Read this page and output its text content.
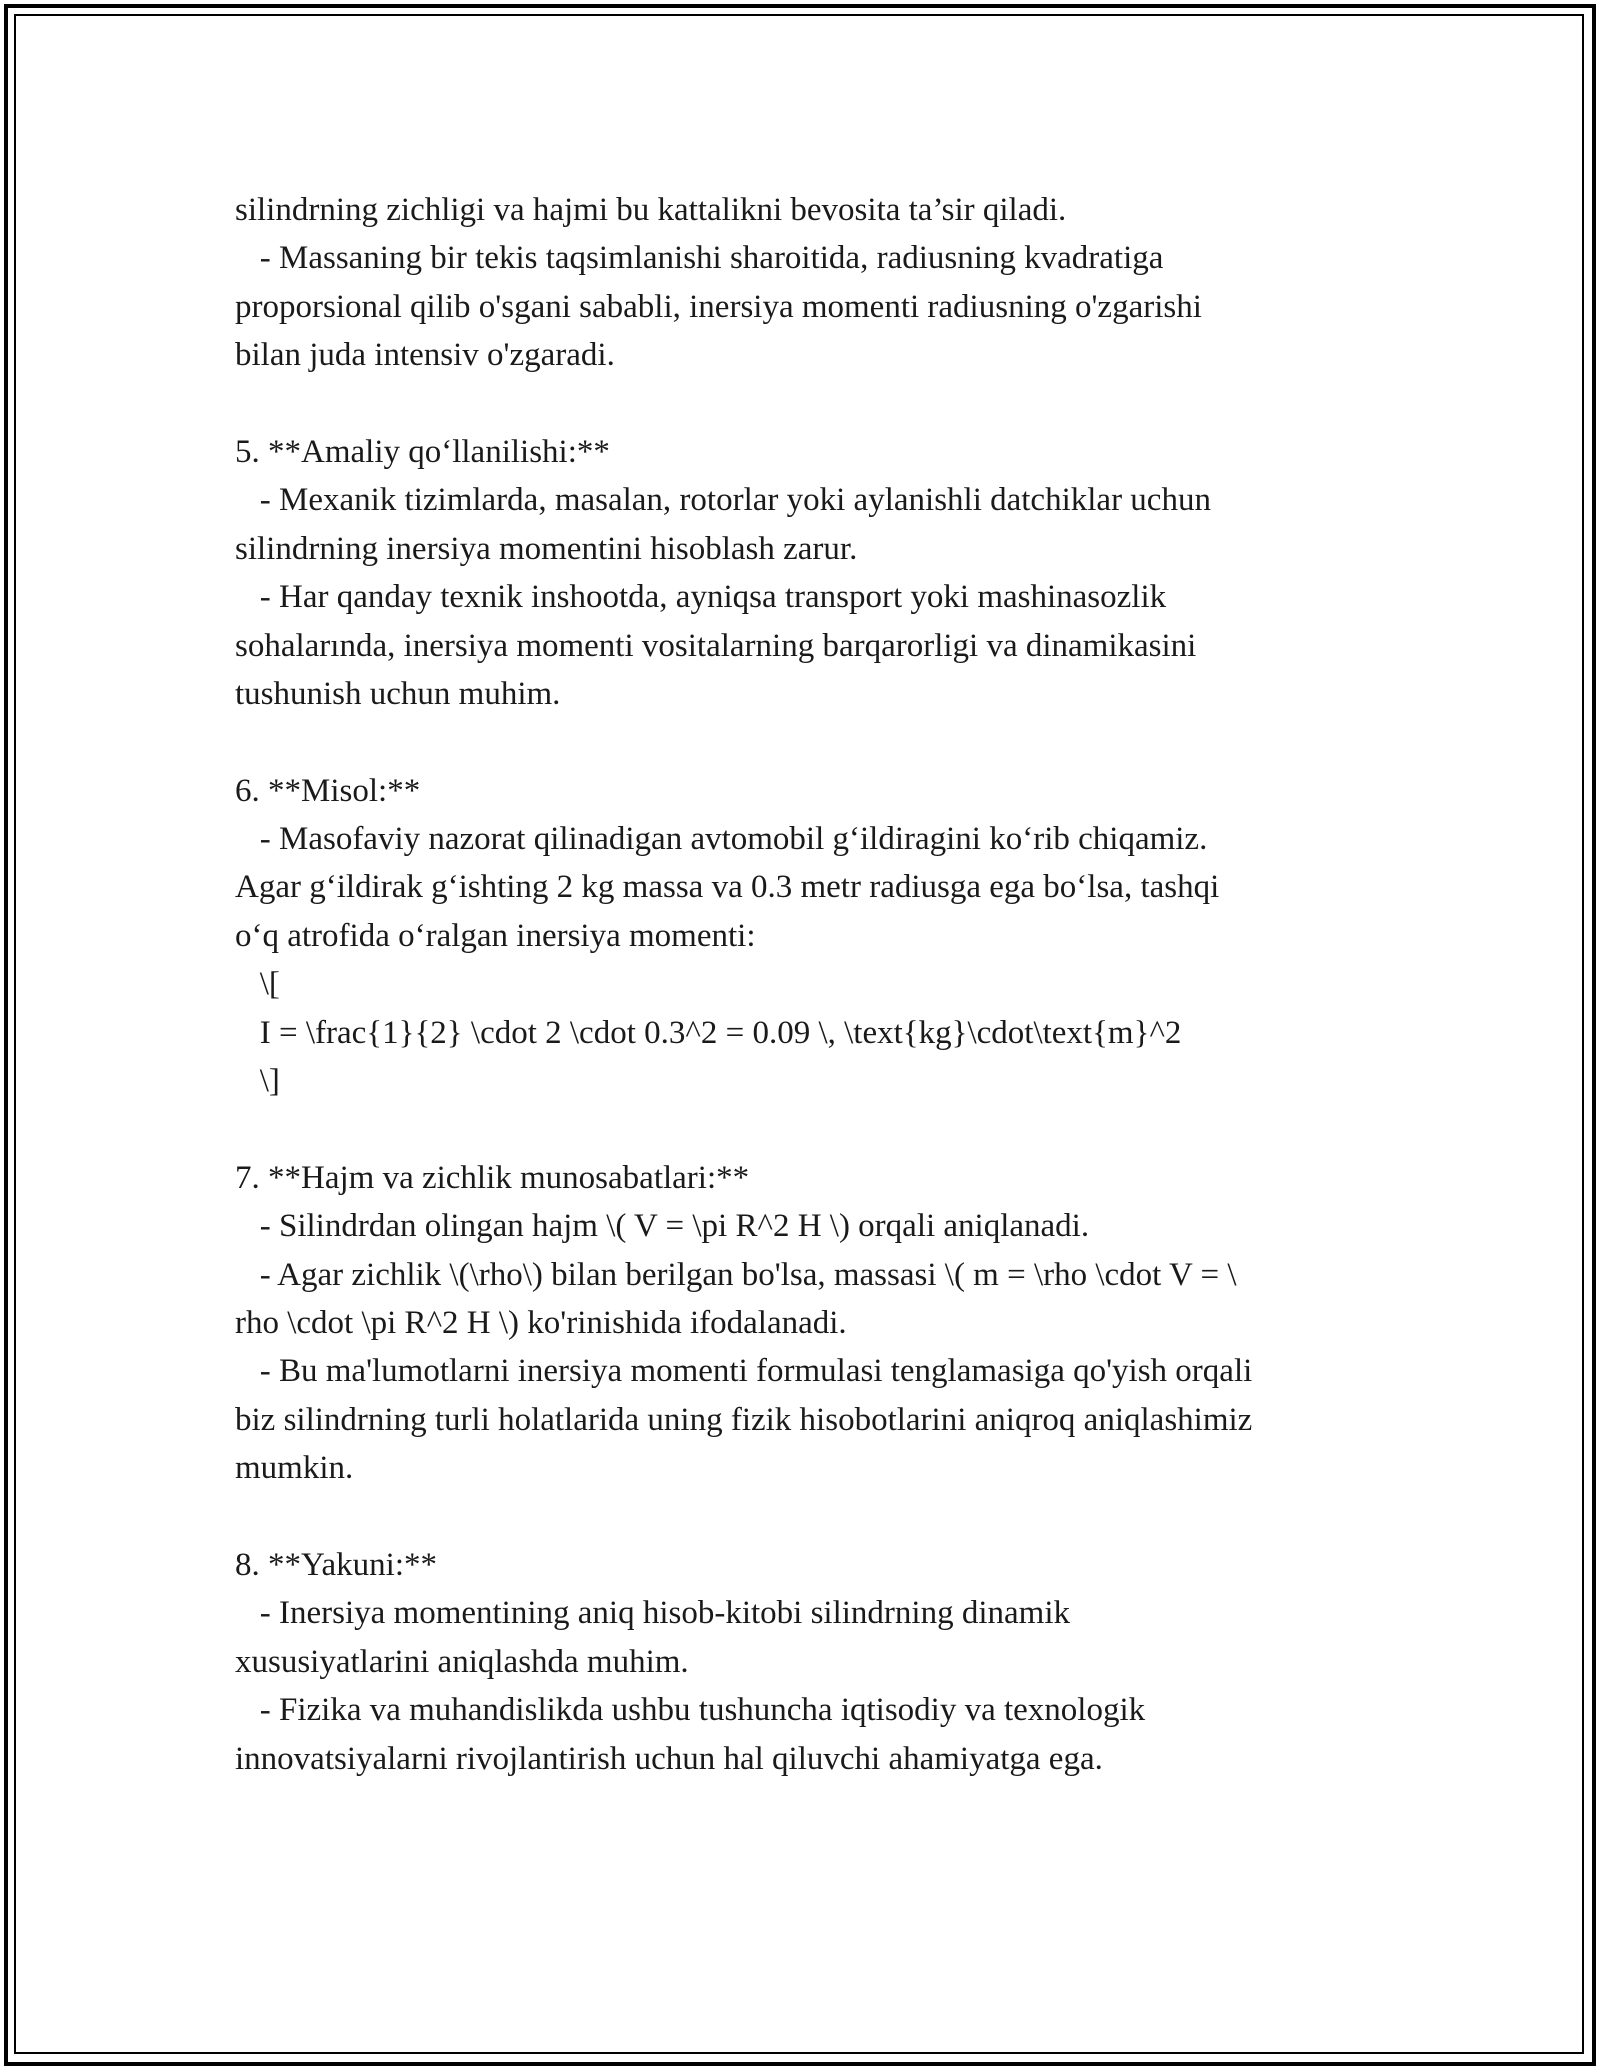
silindrning zichligi va hajmi bu kattalikni bevosita ta’sir qiladi.
- Massaning bir tekis taqsimlanishi sharoitida, radiusning kvadratiga
proporsional qilib o'sgani sababli, inersiya momenti radiusning o'zgarishi
bilan juda intensiv o'zgaradi.
5. **Amaliy qo‘llanilishi:**
- Mexanik tizimlarda, masalan, rotorlar yoki aylanishli datchiklar uchun
silindrning inersiya momentini hisoblash zarur.
- Har qanday texnik inshootda, ayniqsa transport yoki mashinasozlik
sohalarında, inersiya momenti vositalarning barqarorligi va dinamikasini
tushunish uchun muhim.
6. **Misol:**
- Masofaviy nazorat qilinadigan avtomobil g‘ildiragini ko‘rib chiqamiz.
Agar g‘ildirak g‘ishting 2 kg massa va 0.3 metr radiusga ega bo‘lsa, tashqi
o‘q atrofida o‘ralgan inersiya momenti:
\[
I = \frac{1}{2} \cdot 2 \cdot 0.3^2 = 0.09 \, \text{kg}\cdot\text{m}^2
\]
7. **Hajm va zichlik munosabatlari:**
- Silindrdan olingan hajm \( V = \pi R^2 H \) orqali aniqlanadi.
- Agar zichlik \(\rho\) bilan berilgan bo'lsa, massasi \( m = \rho \cdot V = \
rho \cdot \pi R^2 H \) ko'rinishida ifodalanadi.
- Bu ma'lumotlarni inersiya momenti formulasi tenglamasiga qo'yish orqali
biz silindrning turli holatlarida uning fizik hisobotlarini aniqroq aniqlashimiz
mumkin.
8. **Yakuni:**
- Inersiya momentining aniq hisob-kitobi silindrning dinamik
xususiyatlarini aniqlashda muhim.
- Fizika va muhandislikda ushbu tushuncha iqtisodiy va texnologik
innovatsiyalarni rivojlantirish uchun hal qiluvchi ahamiyatga ega.
